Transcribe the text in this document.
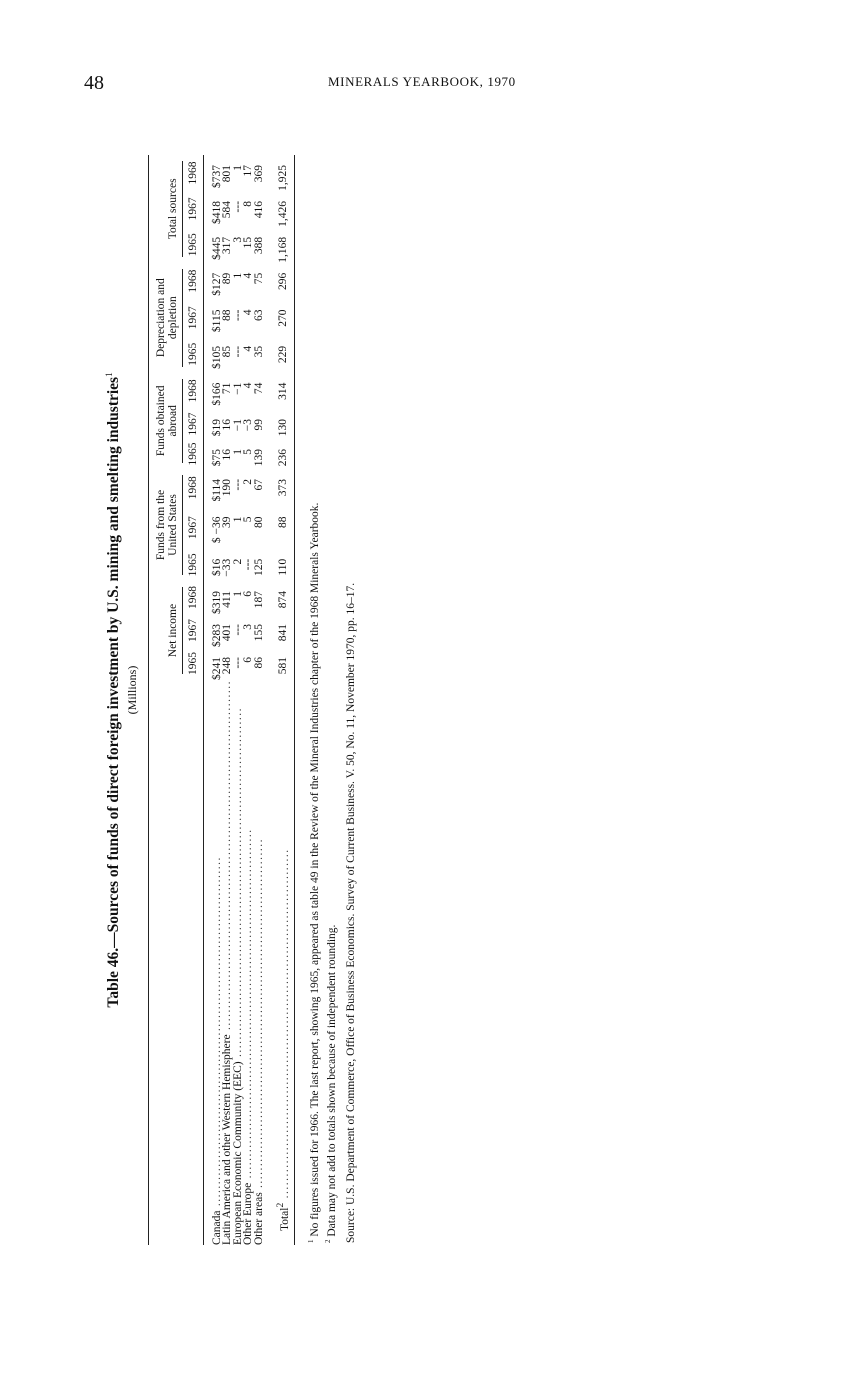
48	MINERALS YEARBOOK, 1970
Table 46.—Sources of funds of direct foreign investment by U.S. mining and smelting industries$^1$
(Millions)

	Net income			Funds from the United States			Funds obtained abroad			Depreciation and depletion			Total sources		

	1965	1967	1968	1965	1967	1968	1965	1967	1968	1965	1967	1968	1965	1967	1968
Canada ................................................................................	$241	$283	$319	$16	$ −36	$114	$75	$19	$166	$105	$115	$127	$445	$418	$737
Latin America and other Western Hemisphere ................................................................................	248	401	411	−33	39	190	16	16	71	85	88	89	317	584	801
European Economic Community (EEC) ................................................................................	---	---	1	2	1	---	1	−1	−1	---	---	1	3	---	1
Other Europe ................................................................................	6	3	6	---	5	2	5	−3	4	4	4	4	15	8	17
Other areas ................................................................................	86	155	187	125	80	67	139	99	74	35	63	75	388	416	369
Total$^2$ ................................................................................	581	841	874	110	88	373	236	130	314	229	270	296	1,168	1,426	1,925

$^1$ No figures issued for 1966. The last report, showing 1965, appeared as table 49 in the Review of the Mineral Industries chapter of the 1968 Minerals Yearbook.

$^2$ Data may not add to totals shown because of independent rounding. Source: U.S. Department of Commerce, Office of Business Economics. Survey of Current Business. V. 50, No. 11, November 1970, pp. 16–17.
